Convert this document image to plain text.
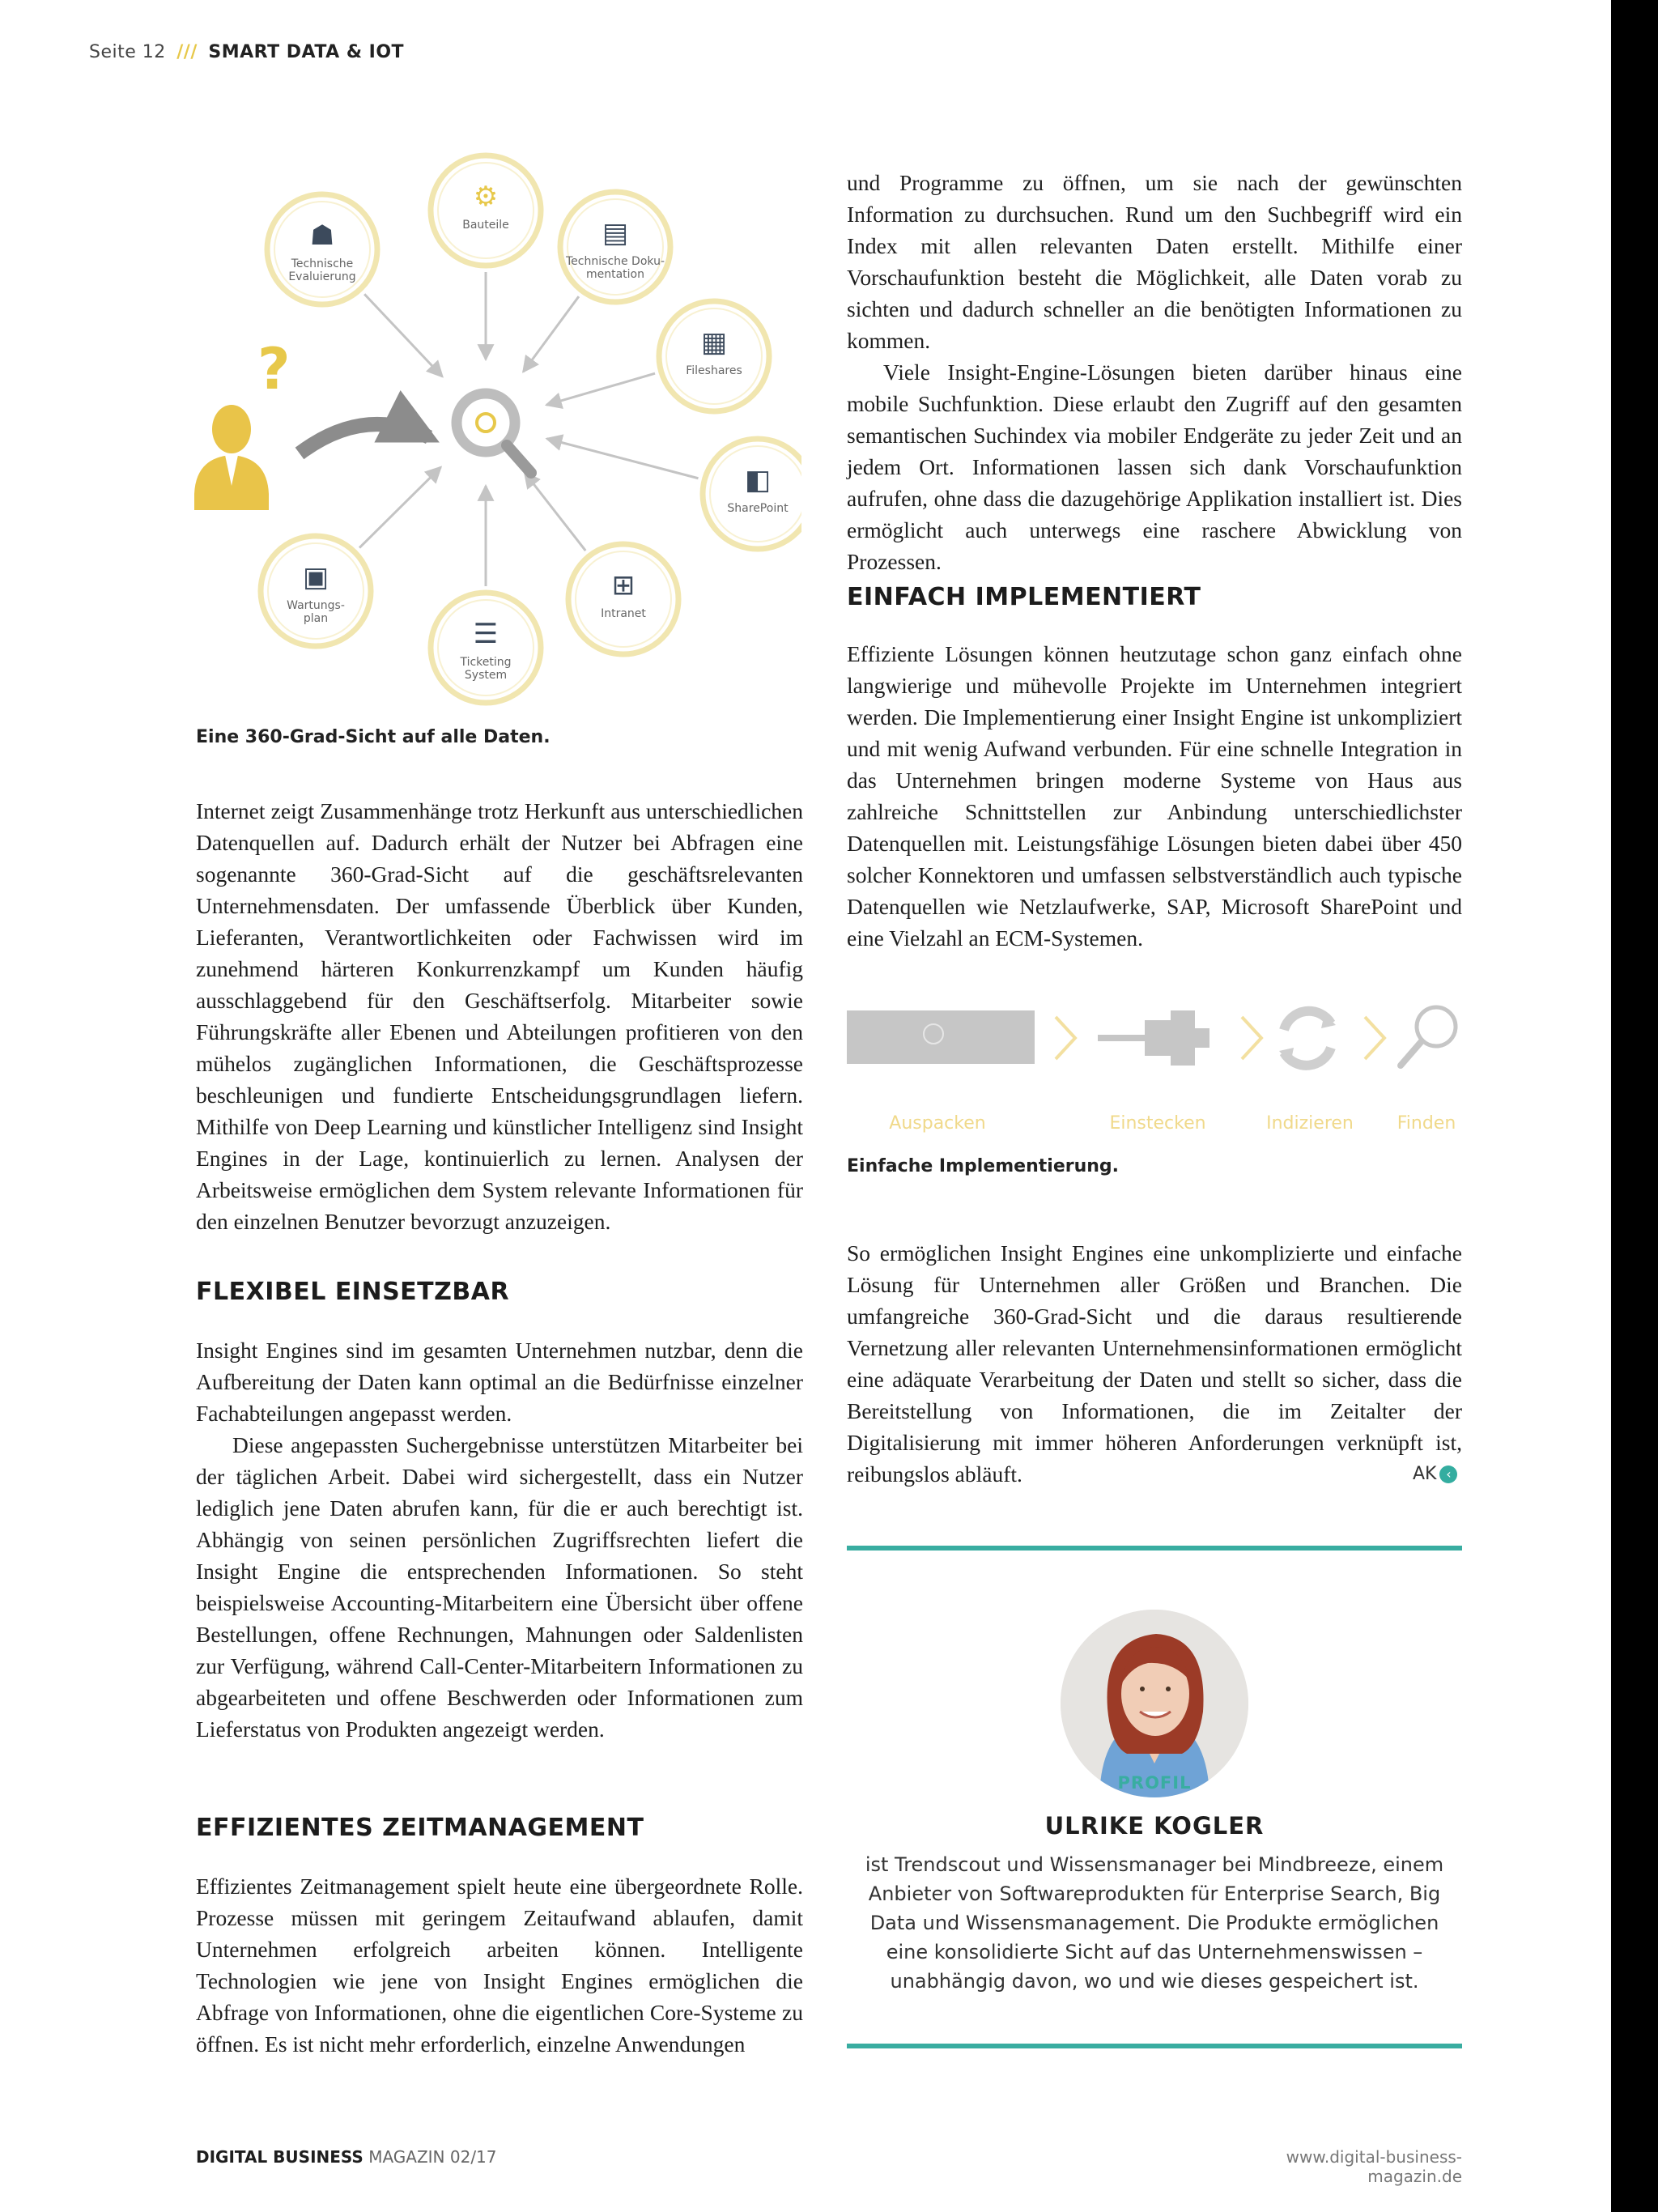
Seite 12 /// SMART DATA & IOT
⚙
Bauteile	▤
Technische Doku-
mentation
▦
Fileshares
◧
SharePoint
⊞
Intranet
☰
Ticketing
System
▣
Wartungs-
plan
☗
Technische
Evaluierung
?
Eine 360-Grad-Sicht auf alle Daten.

Internet zeigt Zusammenhänge trotz Herkunft aus unterschiedlichen Datenquellen auf. Dadurch erhält der Nutzer bei Abfragen eine sogenannte 360-Grad-Sicht auf die geschäftsrelevanten Unternehmensdaten. Der umfassende Überblick über Kunden, Lieferanten, Verantwortlichkeiten oder Fachwissen wird im zunehmend härteren Konkurrenzkampf um Kunden häufig ausschlaggebend für den Geschäftserfolg. Mitarbeiter sowie Führungskräfte aller Ebenen und Abteilungen profitieren von den mühelos zugänglichen Informationen, die Geschäftsprozesse beschleunigen und fundierte Entscheidungsgrundlagen liefern. Mithilfe von Deep Learning und künstlicher Intelligenz sind Insight Engines in der Lage, kontinuierlich zu lernen. Analysen der Arbeitsweise ermöglichen dem System relevante Informationen für den einzelnen Benutzer bevorzugt anzuzeigen.

FLEXIBEL EINSETZBAR

Insight Engines sind im gesamten Unternehmen nutzbar, denn die Aufbereitung der Daten kann optimal an die Bedürfnisse einzelner Fachabteilungen angepasst werden.

Diese angepassten Suchergebnisse unterstützen Mitarbeiter bei der täglichen Arbeit. Dabei wird sichergestellt, dass ein Nutzer lediglich jene Daten abrufen kann, für die er auch berechtigt ist. Abhängig von seinen persönlichen Zugriffsrechten liefert die Insight Engine die entsprechenden Informationen. So steht beispielsweise Accounting-Mitarbeitern eine Übersicht über offene Bestellungen, offene Rechnungen, Mahnungen oder Saldenlisten zur Verfügung, während Call-Center-Mitarbeitern Informationen zu abgearbeiteten und offene Beschwerden oder Informationen zum Lieferstatus von Produkten angezeigt werden.

EFFIZIENTES ZEITMANAGEMENT

Effizientes Zeitmanagement spielt heute eine übergeordnete Rolle. Prozesse müssen mit geringem Zeitaufwand ablaufen, damit Unternehmen erfolgreich arbeiten können. Intelligente Technologien wie jene von Insight Engines ermöglichen die Abfrage von Informationen, ohne die eigentlichen Core-Systeme zu öffnen. Es ist nicht mehr erforderlich, einzelne Anwendungen

und Programme zu öffnen, um sie nach der gewünschten Information zu durchsuchen. Rund um den Suchbegriff wird ein Index mit allen relevanten Daten erstellt. Mithilfe einer Vorschaufunktion besteht die Möglichkeit, alle Daten vorab zu sichten und dadurch schneller an die benötigten Informationen zu kommen.

Viele Insight-Engine-Lösungen bieten darüber hinaus eine mobile Suchfunktion. Diese erlaubt den Zugriff auf den gesamten semantischen Suchindex via mobiler Endgeräte zu jeder Zeit und an jedem Ort. Informationen lassen sich dank Vorschaufunktion aufrufen, ohne dass die dazugehörige Applikation installiert ist. Dies ermöglicht auch unterwegs eine raschere Abwicklung von Prozessen.

EINFACH IMPLEMENTIERT

Effiziente Lösungen können heutzutage schon ganz einfach ohne langwierige und mühevolle Projekte im Unternehmen integriert werden. Die Implementierung einer Insight Engine ist unkompliziert und mit wenig Aufwand verbunden. Für eine schnelle Integration in das Unternehmen bringen moderne Systeme von Haus aus zahlreiche Schnittstellen zur Anbindung unterschiedlichster Datenquellen mit. Leistungsfähige Lösungen bieten dabei über 450 solcher Konnektoren und umfassen selbstverständlich auch typische Datenquellen wie Netzlaufwerke, SAP, Microsoft SharePoint und eine Vielzahl an ECM-Systemen.

Auspacken	Einstecken	Indizieren Finden
Einfache Implementierung.

So ermöglichen Insight Engines eine unkomplizierte und einfache Lösung für Unternehmen aller Größen und Branchen. Die umfangreiche 360-Grad-Sicht und die daraus resultierende Vernetzung aller relevanten Unternehmensinformationen ermöglicht eine adäquate Verarbeitung der Daten und stellt so sicher, dass die Bereitstellung von Informationen, die im Zeitalter der Digitalisierung mit immer höheren Anforderungen verknüpft ist, reibungslos abläuft.	AK ‹
PROFIL
ULRIKE KOGLER
ist Trendscout und Wissensmanager bei Mindbreeze, einem Anbieter von Softwareprodukten für Enterprise Search, Big Data und Wissensmanagement. Die Produkte ermöglichen eine konsolidierte Sicht auf das Unternehmenswissen – unabhängig davon, wo und wie dieses gespeichert ist.
DIGITAL BUSINESS MAGAZIN 02/17	www.digital-business-magazin.de
